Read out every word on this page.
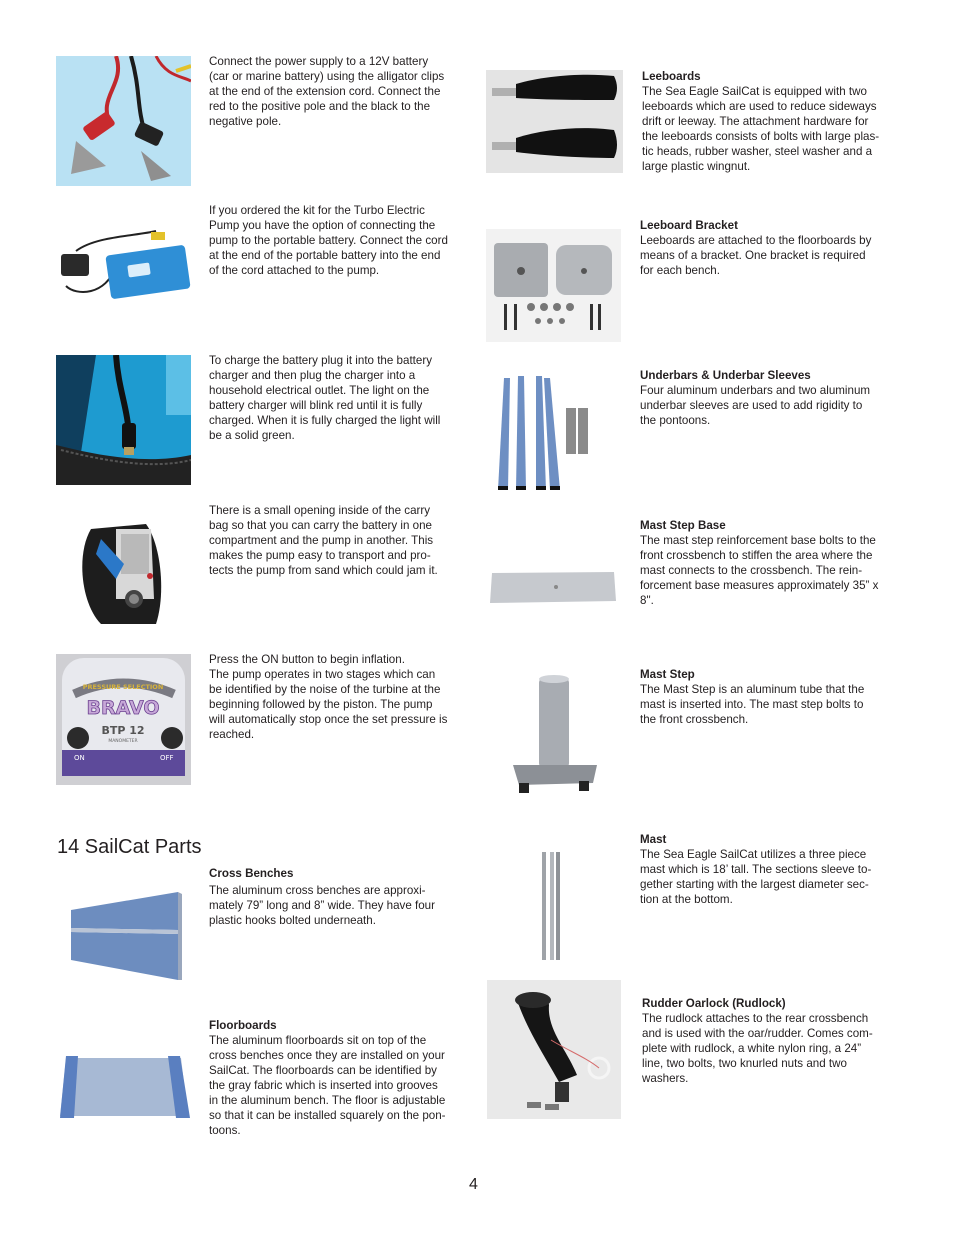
PRESSURE SELECTION
BRAVO
BTP 12
MANOMETER
ON	OFF

Connect the power supply to a 12V battery
(car or marine battery) using the alligator clips
at the end of the extension cord. Connect the
red to the positive pole and the black to the
negative pole.

If you ordered the kit for the Turbo Electric
Pump you have the option of connecting the
pump to the portable battery. Connect the cord
at the end of the portable battery into the end
of the cord attached to the pump.

To charge the battery plug it into the battery
charger and then plug the charger into a
household electrical outlet. The light on the
battery charger will blink red until it is fully
charged. When it is fully charged the light will
be a solid green.

There is a small opening inside of the carry
bag so that you can carry the battery in one
compartment and the pump in another. This
makes the pump easy to transport and pro-
tects the pump from sand which could jam it.

Press the ON button to begin inflation.
The pump operates in two stages which can
be identified by the noise of the turbine at the
beginning followed by the piston. The pump
will automatically stop once the set pressure is
reached.

14 SailCat Parts

Cross Benches

The aluminum cross benches are approxi-
mately 79” long and 8” wide. They have four
plastic hooks bolted underneath.

Floorboards

The aluminum floorboards sit on top of the
cross benches once they are installed on your
SailCat. The floorboards can be identified by
the gray fabric which is inserted into grooves
in the aluminum bench. The floor is adjustable
so that it can be installed squarely on the pon-
toons.

Leeboards

The Sea Eagle SailCat is equipped with two
leeboards which are used to reduce sideways
drift or leeway. The attachment hardware for
the leeboards consists of bolts with large plas-
tic heads, rubber washer, steel washer and a
large plastic wingnut.

Leeboard Bracket

Leeboards are attached to the floorboards by
means of a bracket. One bracket is required
for each bench.

Underbars & Underbar Sleeves

Four aluminum underbars and two aluminum
underbar sleeves are used to add rigidity to
the pontoons.

Mast Step Base

The mast step reinforcement base bolts to the
front crossbench to stiffen the area where the
mast connects to the crossbench. The rein-
forcement base measures approximately 35” x
8".

Mast Step

The Mast Step is an aluminum tube that the
mast is inserted into. The mast step bolts to
the front crossbench.

Mast

The Sea Eagle SailCat utilizes a three piece
mast which is 18’ tall. The sections sleeve to-
gether starting with the largest diameter sec-
tion at the bottom.

Rudder Oarlock (Rudlock)

The rudlock attaches to the rear crossbench
and is used with the oar/rudder. Comes com-
plete with rudlock, a white nylon ring, a 24”
line, two bolts, two knurled nuts and two
washers.

4
